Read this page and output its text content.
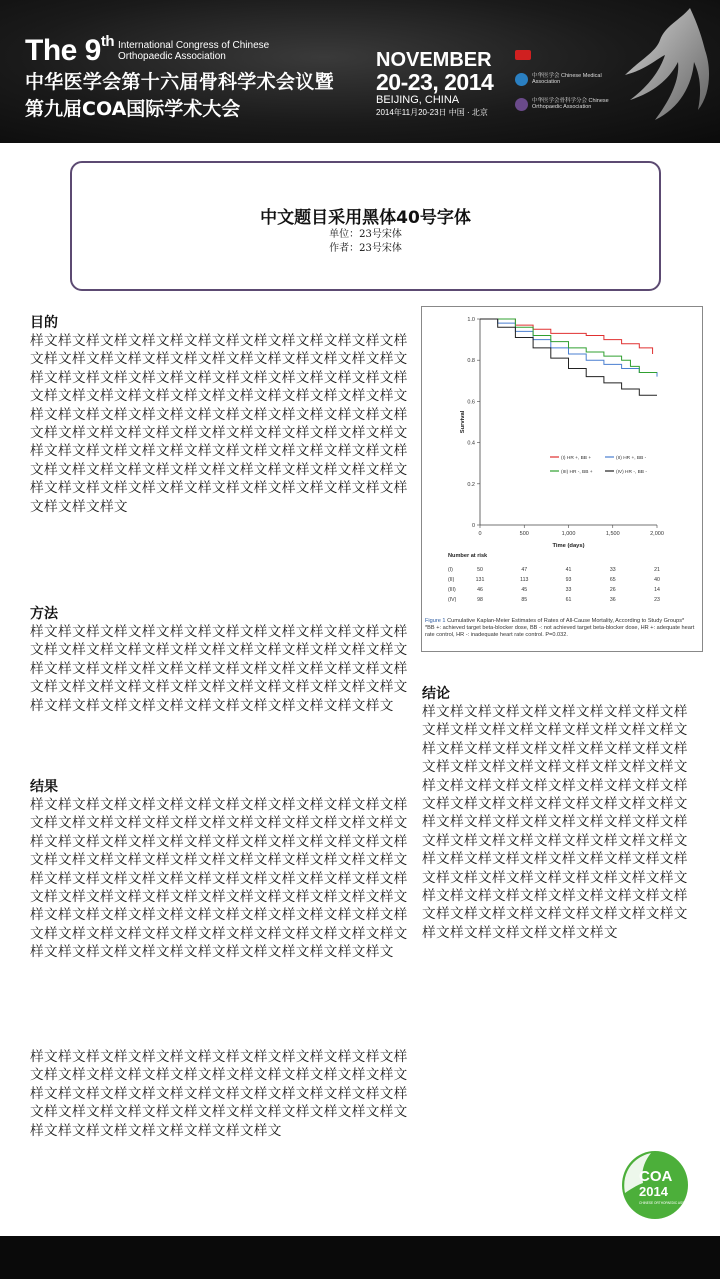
The 9th International Congress of Chinese Orthopaedic Association
中华医学会第十六届骨科学术会议暨
第九届COA国际学术大会
NOVEMBER
20-23, 2014
BEIJING, CHINA
2014年11月20-23日 中国 · 北京
中华医学会 Chinese Medical Association
中华医学会骨科学分会 Chinese Orthopaedic Association
中文题目采用黑体40号字体
单位：23号宋体
作者：23号宋体
目的
样文样文样文样文样文样文样文样文样文样文样文样文样文样文样文样文样文样文样文样文样文样文样文样文样文样文样文样文样文样文样文样文样文样文样文样文样文样文样文样文样文样文样文样文样文样文样文样文样文样文样文样文样文样文样文样文样文样文样文样文样文样文样文样文样文样文样文样文样文样文样文样文样文样文样文样文样文样文样文样文样文样文样文样文样文样文样文样文样文样文样文样文样文样文样文样文样文样文样文样文样文样文样文样文样文样文样文样文样文样文样文样文样文样文样文样文样文样文样文样文样文样文样文样文样文
方法
样文样文样文样文样文样文样文样文样文样文样文样文样文样文样文样文样文样文样文样文样文样文样文样文样文样文样文样文样文样文样文样文样文样文样文样文样文样文样文样文样文样文样文样文样文样文样文样文样文样文样文样文样文样文样文样文样文样文样文样文样文样文样文样文样文样文样文
结果
样文样文样文样文样文样文样文样文样文样文样文样文样文样文样文样文样文样文样文样文样文样文样文样文样文样文样文样文样文样文样文样文样文样文样文样文样文样文样文样文样文样文样文样文样文样文样文样文样文样文样文样文样文样文样文样文样文样文样文样文样文样文样文样文样文样文样文样文样文样文样文样文样文样文样文样文样文样文样文样文样文样文样文样文样文样文样文样文样文样文样文样文样文样文样文样文样文样文样文样文样文样文样文样文样文样文样文样文样文样文样文样文样文样文样文样文样文样文样文样文样文
样文样文样文样文样文样文样文样文样文样文样文样文样文样文样文样文样文样文样文样文样文样文样文样文样文样文样文样文样文样文样文样文样文样文样文样文样文样文样文样文样文样文样文样文样文样文样文样文样文样文样文样文样文样文样文样文样文样文样文样文样文样文样文
0
0.2
0.4
0.6
0.8
1.0
0	500	1,000	1,500	2,000
Time (days)
Survival
(I) HR +, BB +	(II) HR +, BB -
(III) HR -, BB +	(IV) HR -, BB -
Number at risk
(I)	50	47	41	33	21
(II)	131	113	93	65	40
(III)	46	45	33	26	14
(IV)	98	85	61	36	23
Figure 1 Cumulative Kaplan-Meier Estimates of Rates of All-Cause Mortality, According to Study Groups*
*BB +: achieved target beta-blocker dose, BB -: not achieved target beta-blocker dose, HR +: adequate heart rate control, HR -: inadequate heart rate control. P=0.032.
结论
样文样文样文样文样文样文样文样文样文样文样文样文样文样文样文样文样文样文样文样文样文样文样文样文样文样文样文样文样文样文样文样文样文样文样文样文样文样文样文样文样文样文样文样文样文样文样文样文样文样文样文样文样文样文样文样文样文样文样文样文样文样文样文样文样文样文样文样文样文样文样文样文样文样文样文样文样文样文样文样文样文样文样文样文样文样文样文样文样文样文样文样文样文样文样文样文样文样文样文样文样文样文样文样文样文样文样文样文样文样文样文样文样文样文样文样文样文样文样文样文样文
COA
2014
CHINESE ORTHOPAEDIC ASSOCIATION
